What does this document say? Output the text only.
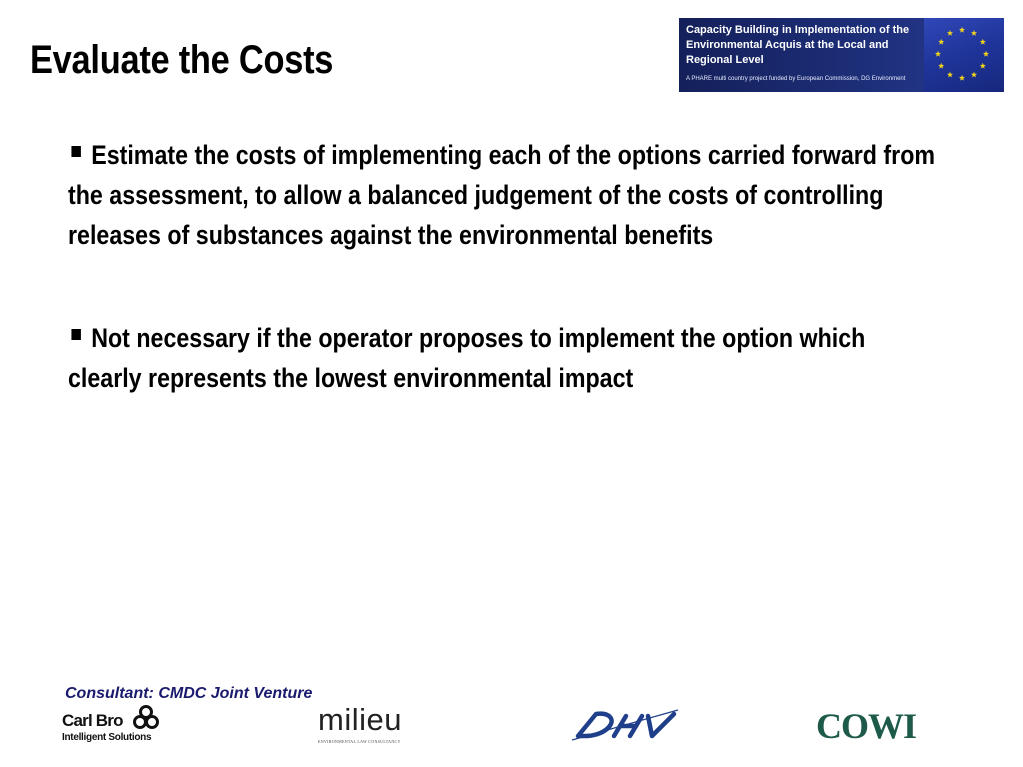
Evaluate the Costs
Capacity Building in Implementation of the Environmental Acquis at the Local and Regional Level
A PHARE multi country project funded by European Commission, DG Environment

Estimate the costs of implementing each of the options carried forward from the assessment, to allow a balanced judgement of the costs of controlling releases of substances against the environmental benefits

Not necessary if the operator proposes to implement the option which clearly represents the lowest environmental impact

Consultant: CMDC Joint Venture
Carl Bro
Intelligent Solutions
milieu
ENVIRONMENTAL LAW CONSULTANCY	COWI
